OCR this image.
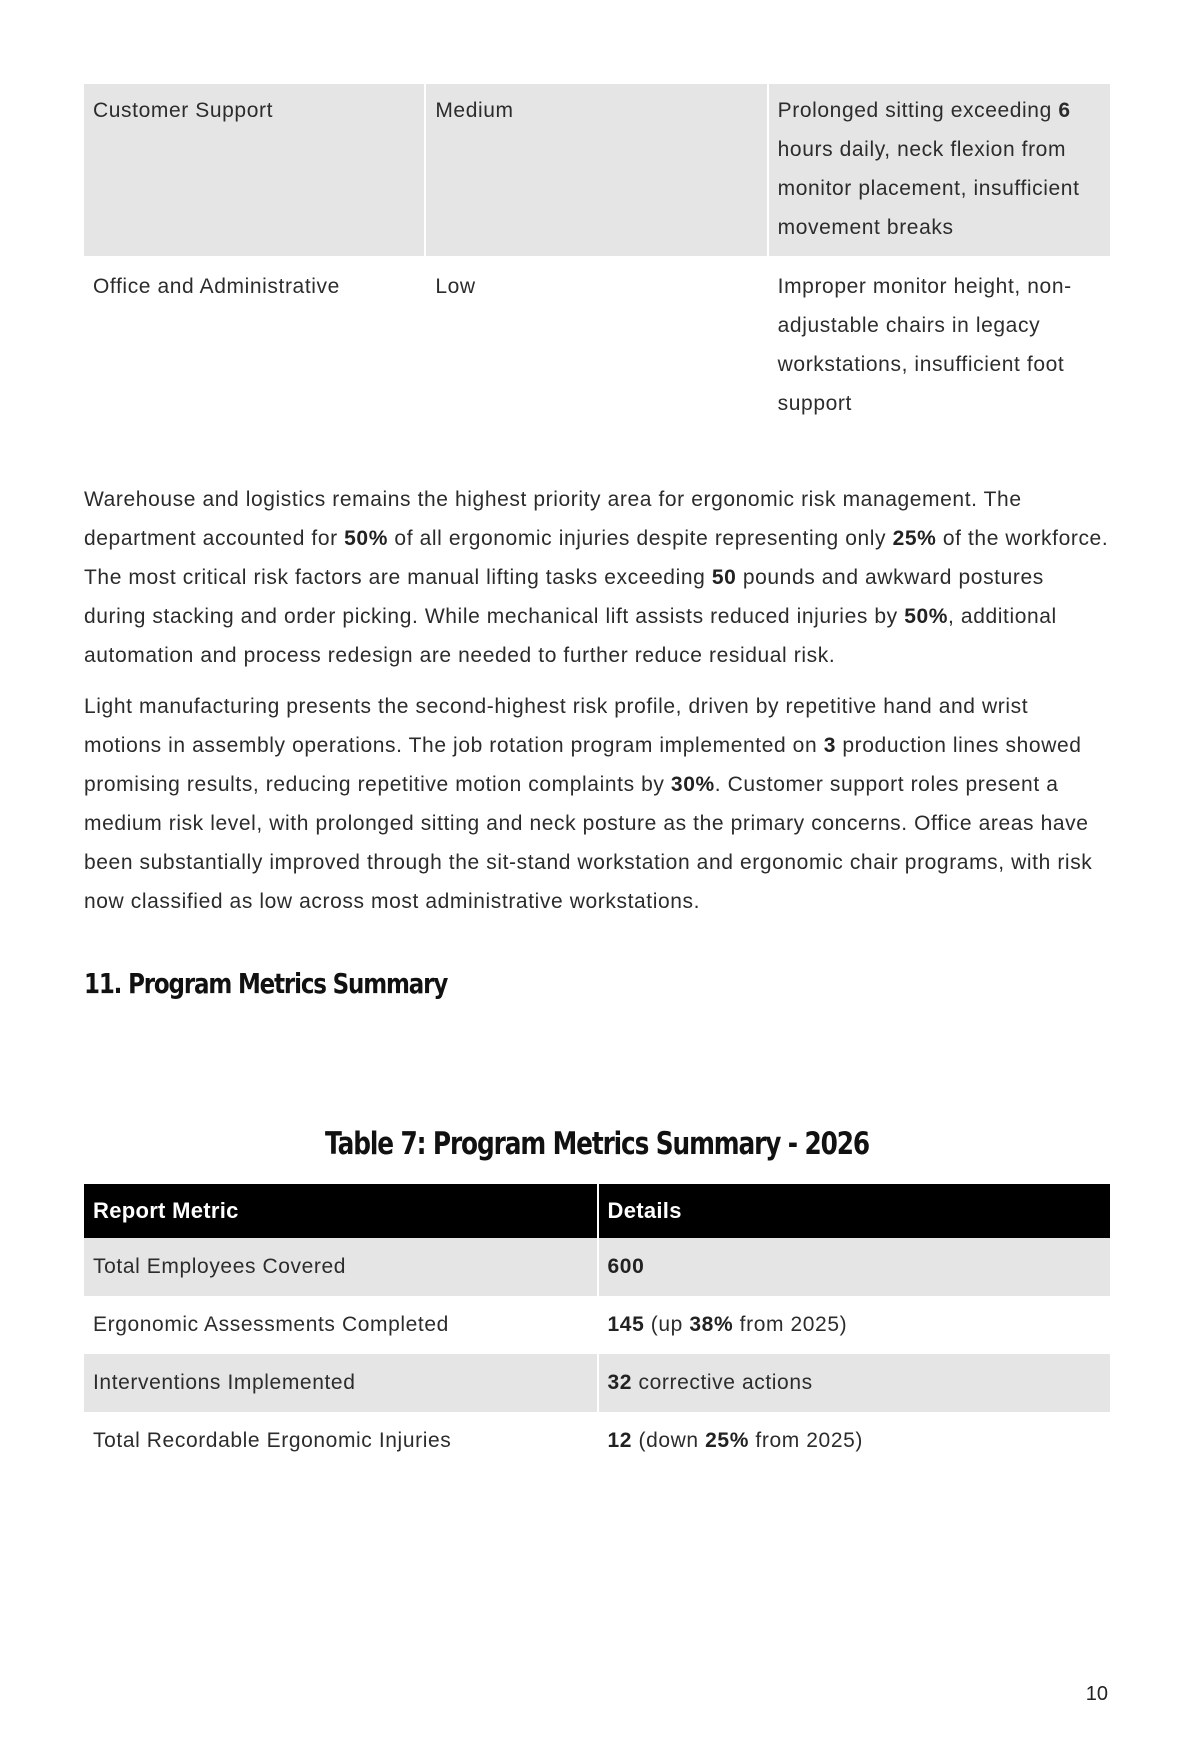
Customer Support	Medium	Prolonged sitting exceeding 6 hours daily, neck flexion from monitor placement, insufficient movement breaks
Office and Administrative	Low	Improper monitor height, non-adjustable chairs in legacy workstations, insufficient foot support

Warehouse and logistics remains the highest priority area for ergonomic risk management. The department accounted for 50% of all ergonomic injuries despite representing only 25% of the workforce. The most critical risk factors are manual lifting tasks exceeding 50 pounds and awkward postures during stacking and order picking. While mechanical lift assists reduced injuries by 50%, additional automation and process redesign are needed to further reduce residual risk.

Light manufacturing presents the second-highest risk profile, driven by repetitive hand and wrist motions in assembly operations. The job rotation program implemented on 3 production lines showed promising results, reducing repetitive motion complaints by 30%. Customer support roles present a medium risk level, with prolonged sitting and neck posture as the primary concerns. Office areas have been substantially improved through the sit-stand workstation and ergonomic chair programs, with risk now classified as low across most administrative workstations.

11. Program Metrics Summary
Table 7: Program Metrics Summary - 2026
Report Metric	Details
Total Employees Covered	600
Ergonomic Assessments Completed	145 (up 38% from 2025)
Interventions Implemented	32 corrective actions
Total Recordable Ergonomic Injuries	12 (down 25% from 2025)
10
